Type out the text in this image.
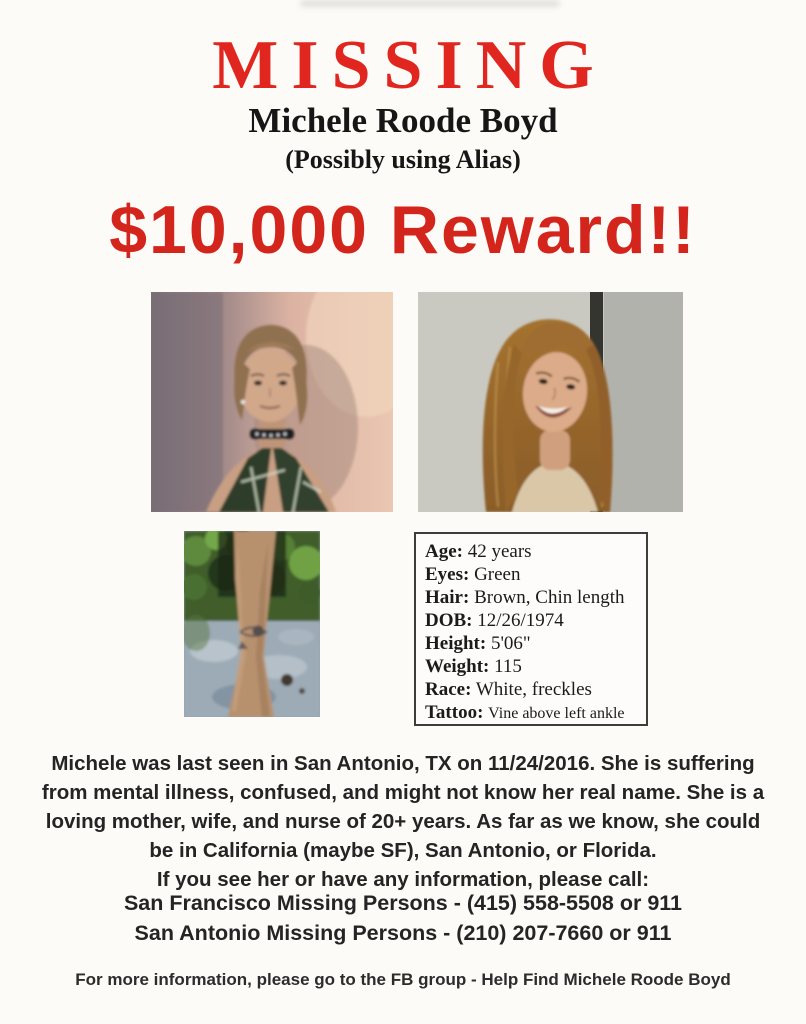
MISSING
Michele Roode Boyd
(Possibly using Alias)
$10,000 Reward!!
Age: 42 years
Eyes: Green
Hair: Brown, Chin length
DOB: 12/26/1974
Height: 5'06"
Weight: 115
Race: White, freckles
Tattoo: Vine above left ankle
Michele was last seen in San Antonio, TX on 11/24/2016. She is suffering
from mental illness, confused, and might not know her real name. She is a
loving mother, wife, and nurse of 20+ years. As far as we know, she could
be in California (maybe SF), San Antonio, or Florida.
If you see her or have any information, please call:
San Francisco Missing Persons - (415) 558-5508 or 911
San Antonio Missing Persons - (210) 207-7660 or 911
For more information, please go to the FB group - Help Find Michele Roode Boyd
